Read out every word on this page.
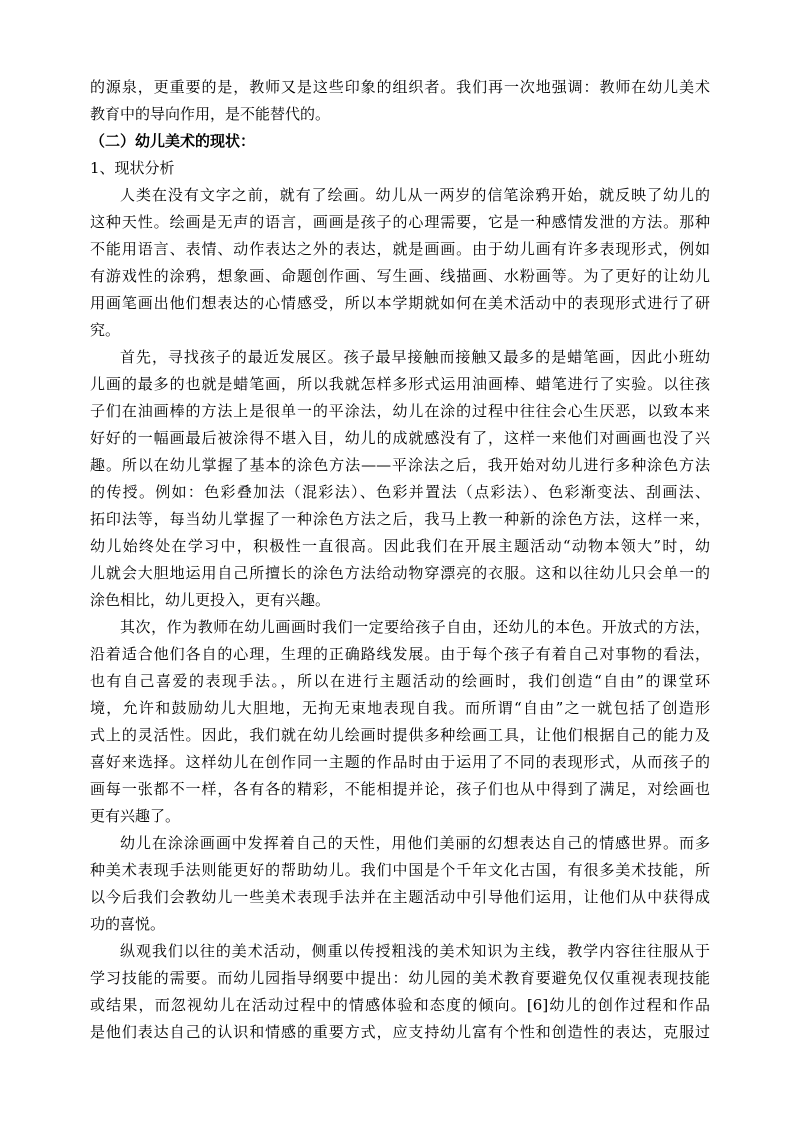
的源泉，更重要的是，教师又是这些印象的组织者。我们再一次地强调：教师在幼儿美术
教育中的导向作用，是不能替代的。
（二）幼儿美术的现状：
1、现状分析
人类在没有文字之前，就有了绘画。幼儿从一两岁的信笔涂鸦开始，就反映了幼儿的
这种天性。绘画是无声的语言，画画是孩子的心理需要，它是一种感情发泄的方法。那种
不能用语言、表情、动作表达之外的表达，就是画画。由于幼儿画有许多表现形式，例如
有游戏性的涂鸦，想象画、命题创作画、写生画、线描画、水粉画等。为了更好的让幼儿
用画笔画出他们想表达的心情感受，所以本学期就如何在美术活动中的表现形式进行了研
究。
首先，寻找孩子的最近发展区。孩子最早接触而接触又最多的是蜡笔画，因此小班幼
儿画的最多的也就是蜡笔画，所以我就怎样多形式运用油画棒、蜡笔进行了实验。以往孩
子们在油画棒的方法上是很单一的平涂法，幼儿在涂的过程中往往会心生厌恶，以致本来
好好的一幅画最后被涂得不堪入目，幼儿的成就感没有了，这样一来他们对画画也没了兴
趣。所以在幼儿掌握了基本的涂色方法——平涂法之后，我开始对幼儿进行多种涂色方法
的传授。例如：色彩叠加法（混彩法）、色彩并置法（点彩法）、色彩渐变法、刮画法、
拓印法等，每当幼儿掌握了一种涂色方法之后，我马上教一种新的涂色方法，这样一来，
幼儿始终处在学习中，积极性一直很高。因此我们在开展主题活动“动物本领大”时，幼
儿就会大胆地运用自己所擅长的涂色方法给动物穿漂亮的衣服。这和以往幼儿只会单一的
涂色相比，幼儿更投入，更有兴趣。
其次，作为教师在幼儿画画时我们一定要给孩子自由，还幼儿的本色。开放式的方法，
沿着适合他们各自的心理，生理的正确路线发展。由于每个孩子有着自己对事物的看法，
也有自己喜爱的表现手法。，所以在进行主题活动的绘画时，我们创造“自由”的课堂环
境，允许和鼓励幼儿大胆地，无拘无束地表现自我。而所谓“自由”之一就包括了创造形
式上的灵活性。因此，我们就在幼儿绘画时提供多种绘画工具，让他们根据自己的能力及
喜好来选择。这样幼儿在创作同一主题的作品时由于运用了不同的表现形式，从而孩子的
画每一张都不一样，各有各的精彩，不能相提并论，孩子们也从中得到了满足，对绘画也
更有兴趣了。
幼儿在涂涂画画中发挥着自己的天性，用他们美丽的幻想表达自己的情感世界。而多
种美术表现手法则能更好的帮助幼儿。我们中国是个千年文化古国，有很多美术技能，所
以今后我们会教幼儿一些美术表现手法并在主题活动中引导他们运用，让他们从中获得成
功的喜悦。
纵观我们以往的美术活动，侧重以传授粗浅的美术知识为主线，教学内容往往服从于
学习技能的需要。而幼儿园指导纲要中提出：幼儿园的美术教育要避免仅仅重视表现技能
或结果，而忽视幼儿在活动过程中的情感体验和态度的倾向。[6]幼儿的创作过程和作品
是他们表达自己的认识和情感的重要方式，应支持幼儿富有个性和创造性的表达，克服过
